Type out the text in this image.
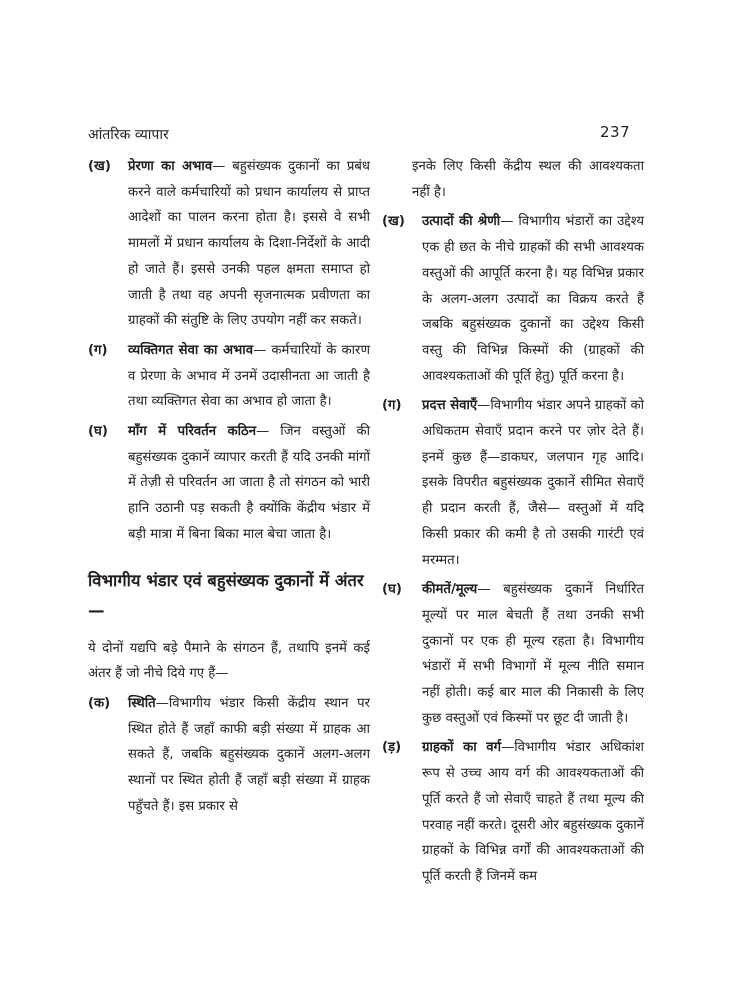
आंतरिक व्यापार	237
(ख) प्रेरणा का अभाव— बहुसंख्यक दुकानों का प्रबंध करने वाले कर्मचारियों को प्रधान कार्यालय से प्राप्त आदेशों का पालन करना होता है। इससे वे सभी मामलों में प्रधान कार्यालय के दिशा-निर्देशों के आदी हो जाते हैं। इससे उनकी पहल क्षमता समाप्त हो जाती है तथा वह अपनी सृजनात्मक प्रवीणता का ग्राहकों की संतुष्टि के लिए उपयोग नहीं कर सकते।
(ग) व्यक्तिगत सेवा का अभाव— कर्मचारियों के कारण व प्रेरणा के अभाव में उनमें उदासीनता आ जाती है तथा व्यक्तिगत सेवा का अभाव हो जाता है।
(घ) माँग में परिवर्तन कठिन— जिन वस्तुओं की बहुसंख्यक दुकानें व्यापार करती हैं यदि उनकी मांगों में तेज़ी से परिवर्तन आ जाता है तो संगठन को भारी हानि उठानी पड़ सकती है क्योंकि केंद्रीय भंडार में बड़ी मात्रा में बिना बिका माल बेचा जाता है।
विभागीय भंडार एवं बहुसंख्यक दुकानों में अंतर—
ये दोनों यद्यपि बड़े पैमाने के संगठन हैं, तथापि इनमें कई अंतर हैं जो नीचे दिये गए हैं—
(क) स्थिति—विभागीय भंडार किसी केंद्रीय स्थान पर स्थित होते हैं जहाँ काफी बड़ी संख्या में ग्राहक आ सकते हैं, जबकि बहुसंख्यक दुकानें अलग-अलग स्थानों पर स्थित होती हैं जहाँ बड़ी संख्या में ग्राहक पहुँचते हैं। इस प्रकार से
इनके लिए किसी केंद्रीय स्थल की आवश्यकता नहीं है।
(ख) उत्पादों की श्रेणी— विभागीय भंडारों का उद्देश्य एक ही छत के नीचे ग्राहकों की सभी आवश्यक वस्तुओं की आपूर्ति करना है। यह विभिन्न प्रकार के अलग-अलग उत्पादों का विक्रय करते हैं जबकि बहुसंख्यक दुकानों का उद्देश्य किसी वस्तु की विभिन्न किस्मों की (ग्राहकों की आवश्यकताओं की पूर्ति हेतु) पूर्ति करना है।
(ग) प्रदत्त सेवाएँ—विभागीय भंडार अपने ग्राहकों को अधिकतम सेवाएँ प्रदान करने पर ज़ोर देते हैं। इनमें कुछ हैं—डाकघर, जलपान गृह आदि। इसके विपरीत बहुसंख्यक दुकानें सीमित सेवाएँ ही प्रदान करती हैं, जैसे— वस्तुओं में यदि किसी प्रकार की कमी है तो उसकी गारंटी एवं मरम्मत।
(घ) कीमतें/मूल्य— बहुसंख्यक दुकानें निर्धारित मूल्यों पर माल बेचती हैं तथा उनकी सभी दुकानों पर एक ही मूल्य रहता है। विभागीय भंडारों में सभी विभागों में मूल्य नीति समान नहीं होती। कई बार माल की निकासी के लिए कुछ वस्तुओं एवं किस्मों पर छूट दी जाती है।
(ड़) ग्राहकों का वर्ग—विभागीय भंडार अधिकांश रूप से उच्च आय वर्ग की आवश्यकताओं की पूर्ति करते हैं जो सेवाएँ चाहते हैं तथा मूल्य की परवाह नहीं करते। दूसरी ओर बहुसंख्यक दुकानें ग्राहकों के विभिन्न वर्गों की आवश्यकताओं की पूर्ति करती हैं जिनमें कम
